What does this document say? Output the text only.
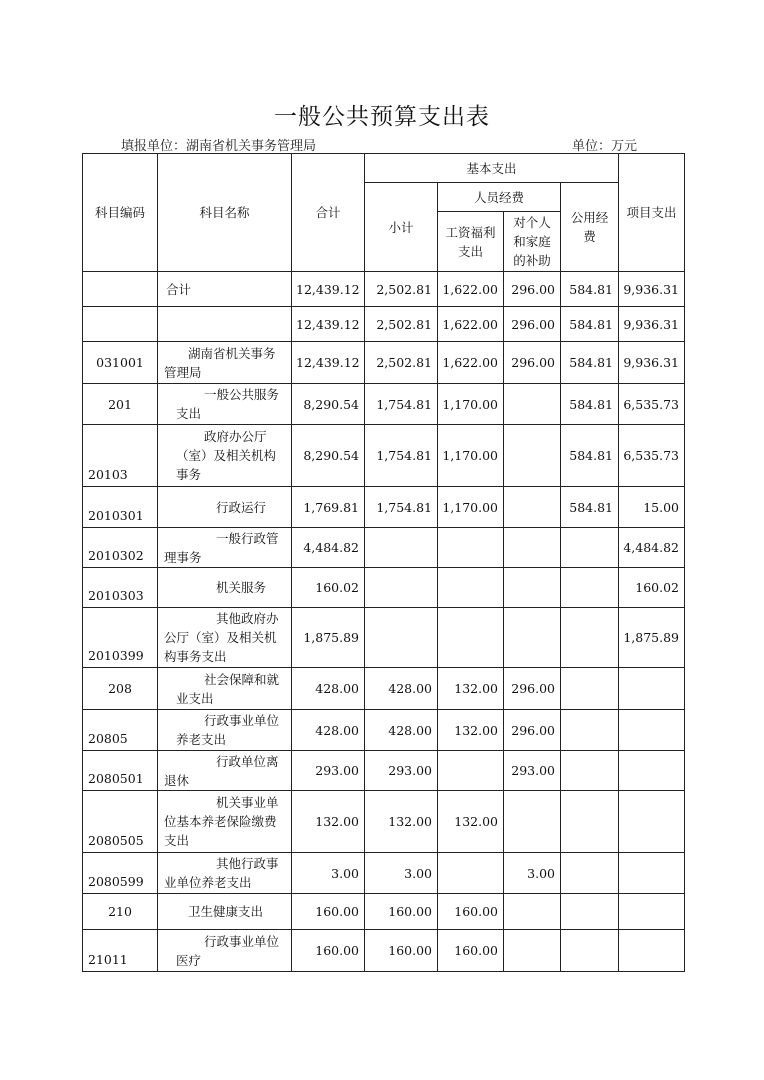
一般公共预算支出表
填报单位：湖南省机关事务管理局	单位：万元
科目编码	科目名称	合计	基本支出				项目支出
			小计	人员经费		公用经费	
				工资福利支出	对个人和家庭的补助		
	合计	12,439.12	2,502.81	1,622.00	296.00	584.81	9,936.31
		12,439.12	2,502.81	1,622.00	296.00	584.81	9,936.31
031001	湖南省机关事务管理局	12,439.12	2,502.81	1,622.00	296.00	584.81	9,936.31
201	一般公共服务支出	8,290.54	1,754.81	1,170.00		584.81	6,535.73
20103	政府办公厅（室）及相关机构事务	8,290.54	1,754.81	1,170.00		584.81	6,535.73
2010301	行政运行	1,769.81	1,754.81	1,170.00		584.81	15.00
2010302	一般行政管理事务	4,484.82					4,484.82
2010303	机关服务	160.02					160.02
2010399	其他政府办公厅（室）及相关机构事务支出	1,875.89					1,875.89
208	社会保障和就业支出	428.00	428.00	132.00	296.00		
20805	行政事业单位养老支出	428.00	428.00	132.00	296.00		
2080501	行政单位离退休	293.00	293.00		293.00		
2080505	机关事业单位基本养老保险缴费支出	132.00	132.00	132.00			
2080599	其他行政事业单位养老支出	3.00	3.00		3.00		
210	卫生健康支出	160.00	160.00	160.00			
21011	行政事业单位医疗	160.00	160.00	160.00			
